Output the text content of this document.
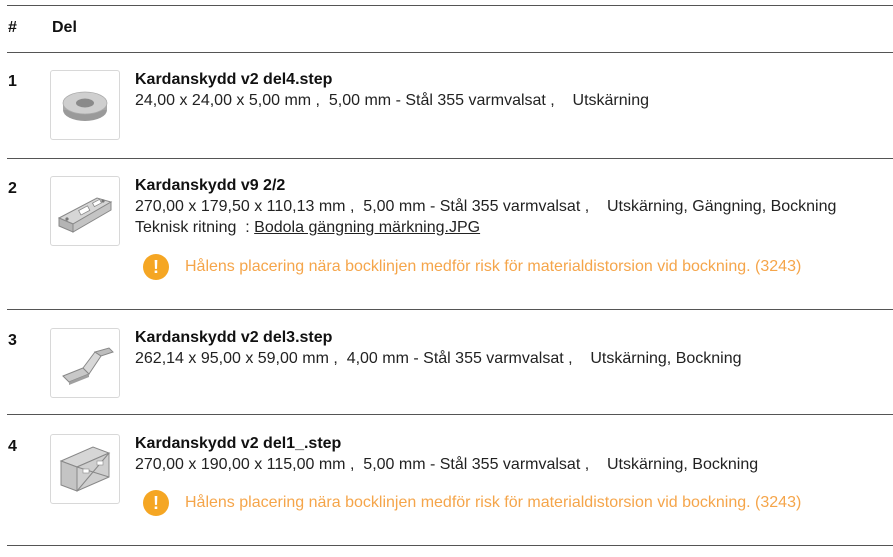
# Del
1	Kardanskydd v2 del4.step
24,00 x 24,00 x 5,00 mm , 5,00 mm - Stål 355 varmvalsat , Utskärning
2	Kardanskydd v9 2/2
270,00 x 179,50 x 110,13 mm , 5,00 mm - Stål 355 varmvalsat , Utskärning, Gängning, Bockning
Teknisk ritning  : Bodola gängning märkning.JPG
!	Hålens placering nära bocklinjen medför risk för materialdistorsion vid bockning. (3243)
3	Kardanskydd v2 del3.step
262,14 x 95,00 x 59,00 mm , 4,00 mm - Stål 355 varmvalsat , Utskärning, Bockning
4	Kardanskydd v2 del1_.step
270,00 x 190,00 x 115,00 mm , 5,00 mm - Stål 355 varmvalsat , Utskärning, Bockning
!	Hålens placering nära bocklinjen medför risk för materialdistorsion vid bockning. (3243)
